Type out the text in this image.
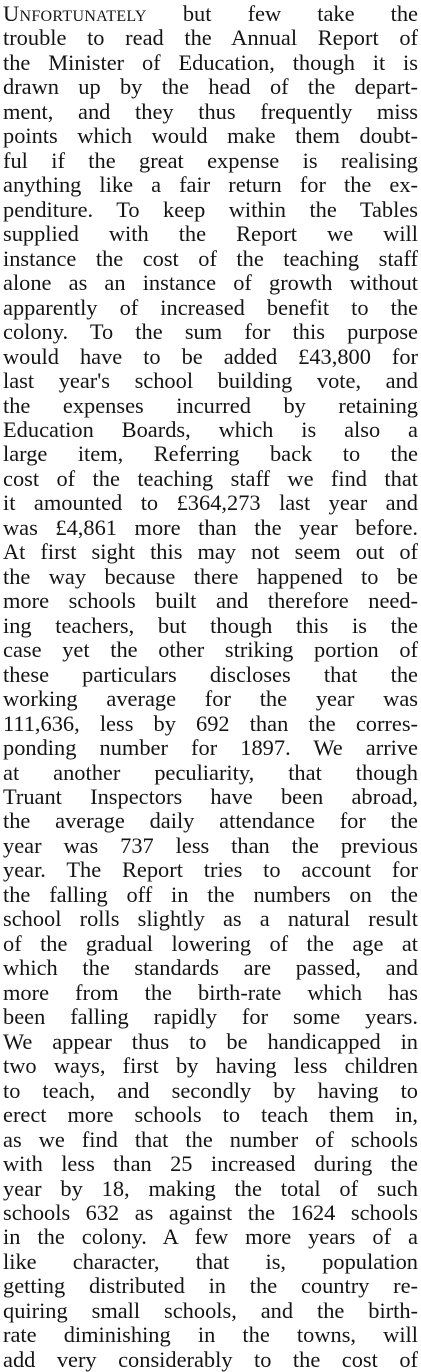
Unfortunately but few take the
trouble to read the Annual Report of
the Minister of Education, though it is
drawn up by the head of the depart-
ment, and they thus frequently miss
points which would make them doubt-
ful if the great expense is realising
anything like a fair return for the ex-
penditure. To keep within the Tables
supplied with the Report we will
instance the cost of the teaching staff
alone as an instance of growth without
apparently of increased benefit to the
colony. To the sum for this purpose
would have to be added £43,800 for
last year's school building vote, and
the expenses incurred by retaining
Education Boards, which is also a
large item, Referring back to the
cost of the teaching staff we find that
it amounted to £364,273 last year and
was £4,861 more than the year before.
At first sight this may not seem out of
the way because there happened to be
more schools built and therefore need-
ing teachers, but though this is the
case yet the other striking portion of
these particulars discloses that the
working average for the year was
111,636, less by 692 than the corres-
ponding number for 1897. We arrive
at another peculiarity, that though
Truant Inspectors have been abroad,
the average daily attendance for the
year was 737 less than the previous
year. The Report tries to account for
the falling off in the numbers on the
school rolls slightly as a natural result
of the gradual lowering of the age at
which the standards are passed, and
more from the birth-rate which has
been falling rapidly for some years.
We appear thus to be handicapped in
two ways, first by having less children
to teach, and secondly by having to
erect more schools to teach them in,
as we find that the number of schools
with less than 25 increased during the
year by 18, making the total of such
schools 632 as against the 1624 schools
in the colony. A few more years of a
like character, that is, population
getting distributed in the country re-
quiring small schools, and the birth-
rate diminishing in the towns, will
add very considerably to the cost of
